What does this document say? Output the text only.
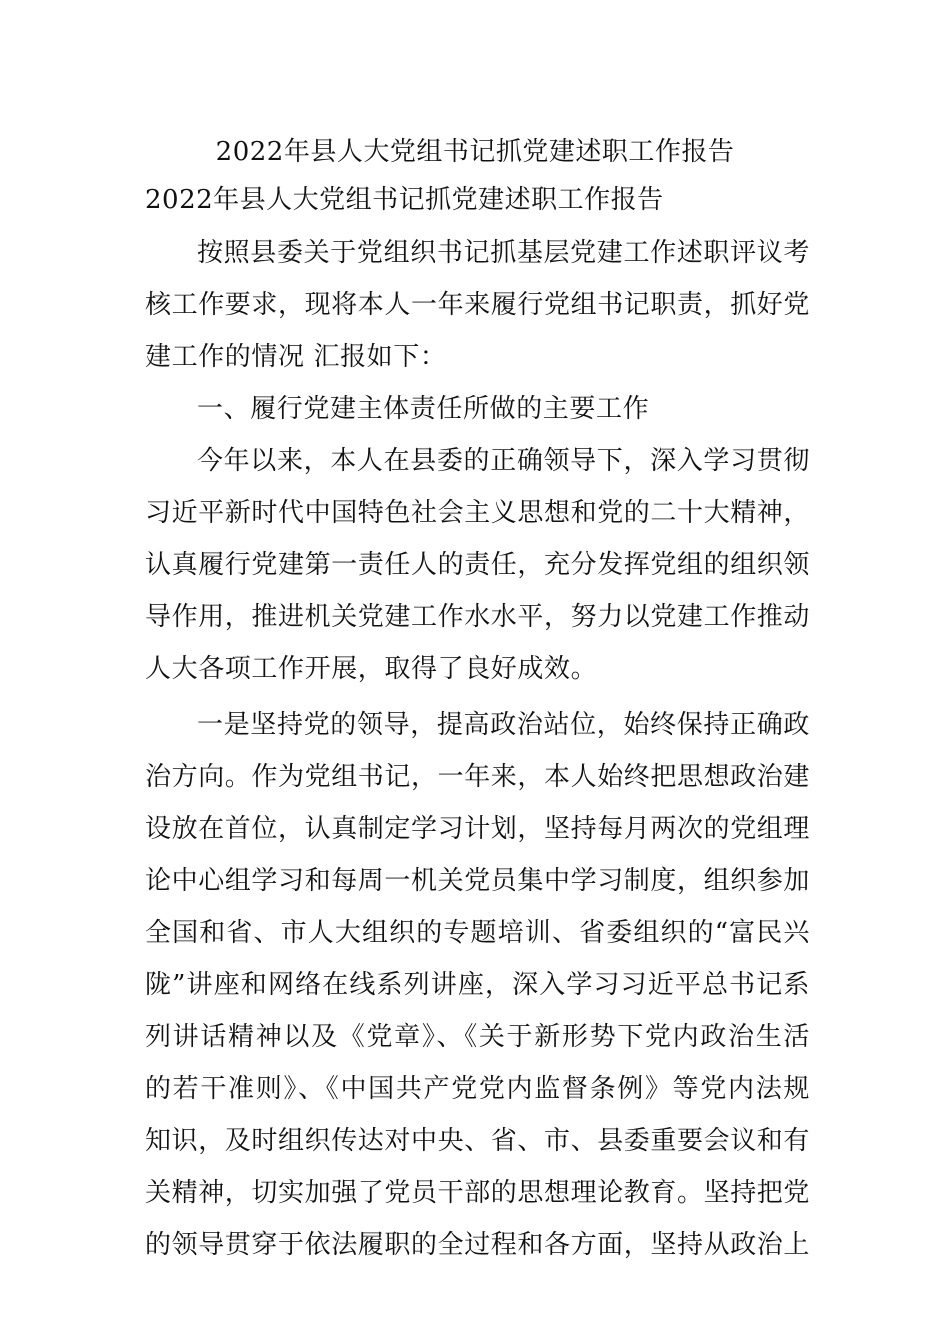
2022年县人大党组书记抓党建述职工作报告
2022年县人大党组书记抓党建述职工作报告

按照县委关于党组织书记抓基层党建工作述职评议考核工作要求，现将本人一年来履行党组书记职责，抓好党建工作的情况 汇报如下：

一、履行党建主体责任所做的主要工作

今年以来，本人在县委的正确领导下，深入学习贯彻习近平新时代中国特色社会主义思想和党的二十大精神，认真履行党建第一责任人的责任，充分发挥党组的组织领导作用，推进机关党建工作水水平，努力以党建工作推动人大各项工作开展，取得了良好成效。

一是坚持党的领导，提高政治站位，始终保持正确政治方向。作为党组书记，一年来，本人始终把思想政治建设放在首位，认真制定学习计划，坚持每月两次的党组理论中心组学习和每周一机关党员集中学习制度，组织参加全国和省、市人大组织的专题培训、省委组织的“富民兴陇”讲座和网络在线系列讲座，深入学习习近平总书记系列讲话精神以及《党章》、《关于新形势下党内政治生活的若干准则》、《中国共产党党内监督条例》等党内法规知识，及时组织传达对中央、省、市、县委重要会议和有关精神，切实加强了党员干部的思想理论教育。坚持把党的领导贯穿于依法履职的全过程和各方面，坚持从政治上
